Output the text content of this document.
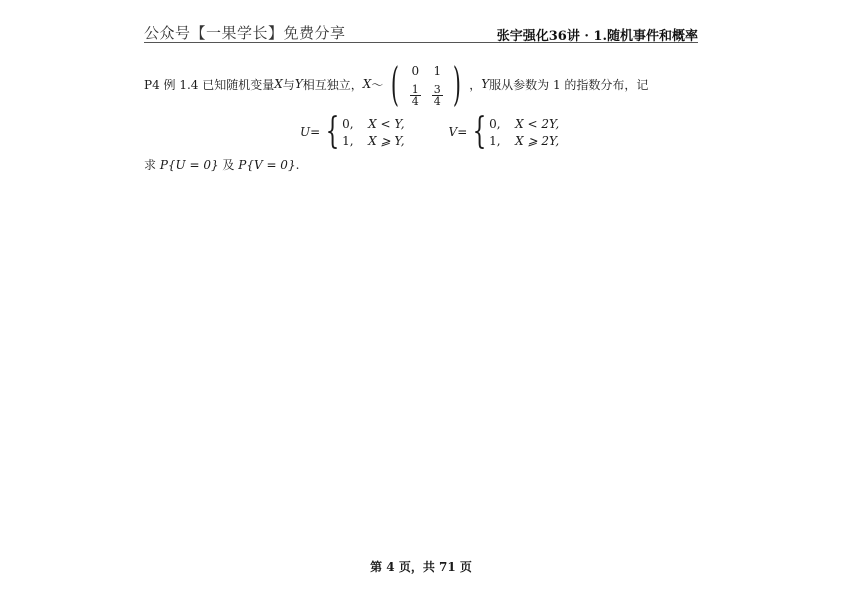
公众号【一果学长】免费分享	张宇强化36讲 · 1.随机事件和概率
P4 例 1.4 已知随机变量 X 与 Y 相互独立， X ～ ( 0 1
$\frac{1}{4} \frac{3}{4}$ ) ， Y 服从参数为 1 的指数分布，记
U = { 0,	X < Y,
1,	X ⩾ Y,
V = { 0,	X < 2Y,
1,	X ⩾ 2Y,
求 P{U = 0} 及 P{V = 0}.
第 4 页，共 71 页
